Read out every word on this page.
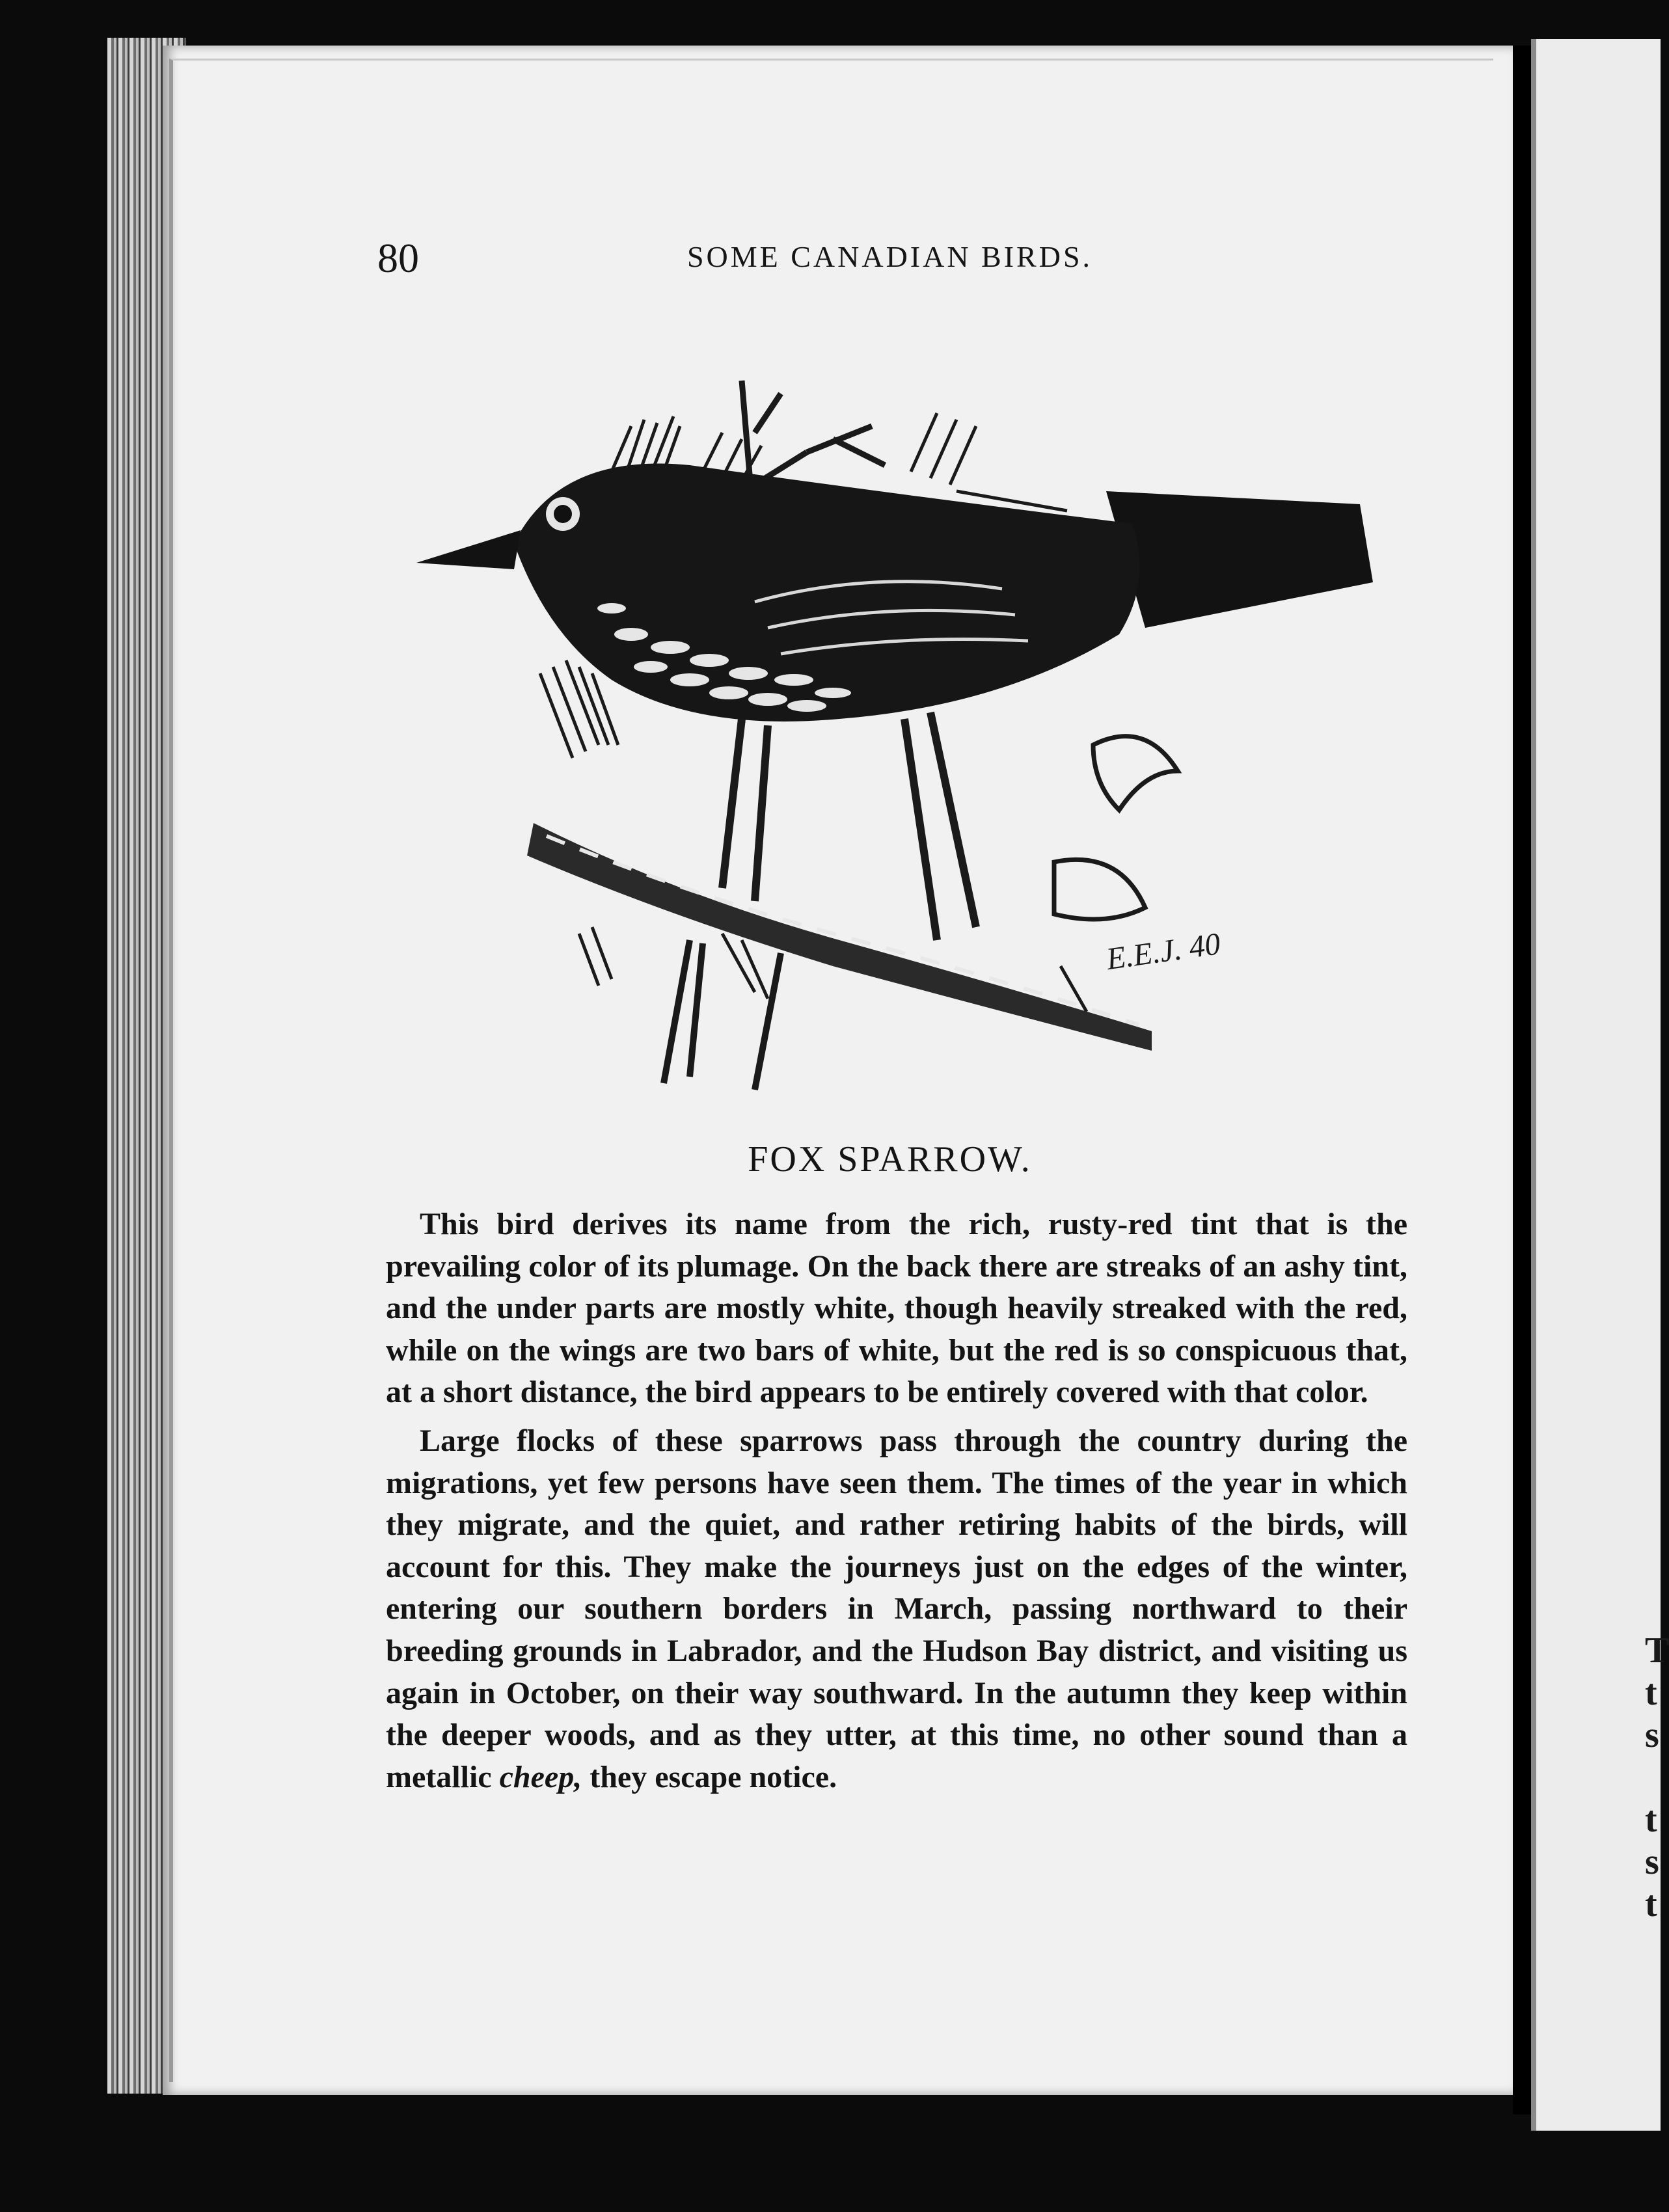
T
t
s
t
s
t
80	SOME CANADIAN BIRDS.
E.E.J. 40
FOX SPARROW.

This bird derives its name from the rich, rusty-red tint that is the prevailing color of its plumage. On the back there are streaks of an ashy tint, and the under parts are mostly white, though heavily streaked with the red, while on the wings are two bars of white, but the red is so conspicuous that, at a short distance, the bird appears to be entirely covered with that color.

Large flocks of these sparrows pass through the country during the migrations, yet few persons have seen them. The times of the year in which they migrate, and the quiet, and rather retiring habits of the birds, will account for this. They make the journeys just on the edges of the winter, entering our southern borders in March, passing northward to their breeding grounds in Labrador, and the Hudson Bay district, and visiting us again in October, on their way southward. In the autumn they keep within the deeper woods, and as they utter, at this time, no other sound than a metallic cheep, they escape notice.
